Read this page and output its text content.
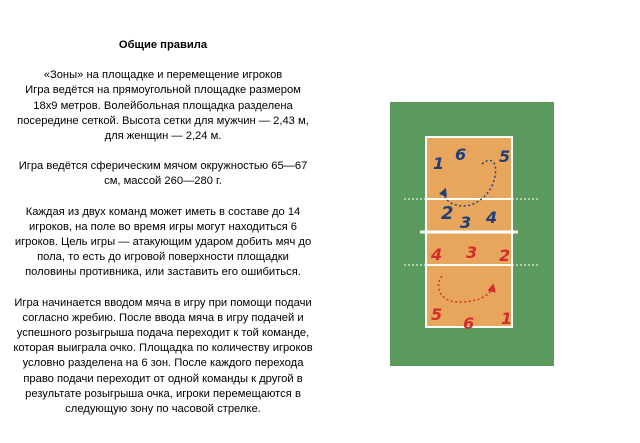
Общие правила
«Зоны» на площадке и перемещение игроков
Игра ведётся на прямоугольной площадке размером
18х9 метров. Волейбольная площадка разделена
посередине сеткой. Высота сетки для мужчин — 2,43 м,
для женщин — 2,24 м.
Игра ведётся сферическим мячом окружностью 65—67
см, массой 260—280 г.
Каждая из двух команд может иметь в составе до 14
игроков, на поле во время игры могут находиться 6
игроков. Цель игры — атакующим ударом добить мяч до
пола, то есть до игровой поверхности площадки
половины противника, или заставить его ошибиться.
Игра начинается вводом мяча в игру при помощи подачи
согласно жребию. После ввода мяча в игру подачей и
успешного розыгрыша подача переходит к той команде,
которая выиграла очко. Площадка по количеству игроков
условно разделена на 6 зон. После каждого перехода
право подачи переходит от одной команды к другой в
результате розыгрыша очка, игроки перемещаются в
следующую зону по часовой стрелке.
1 6 5
2 3 4
4 3 2
5 6 1
